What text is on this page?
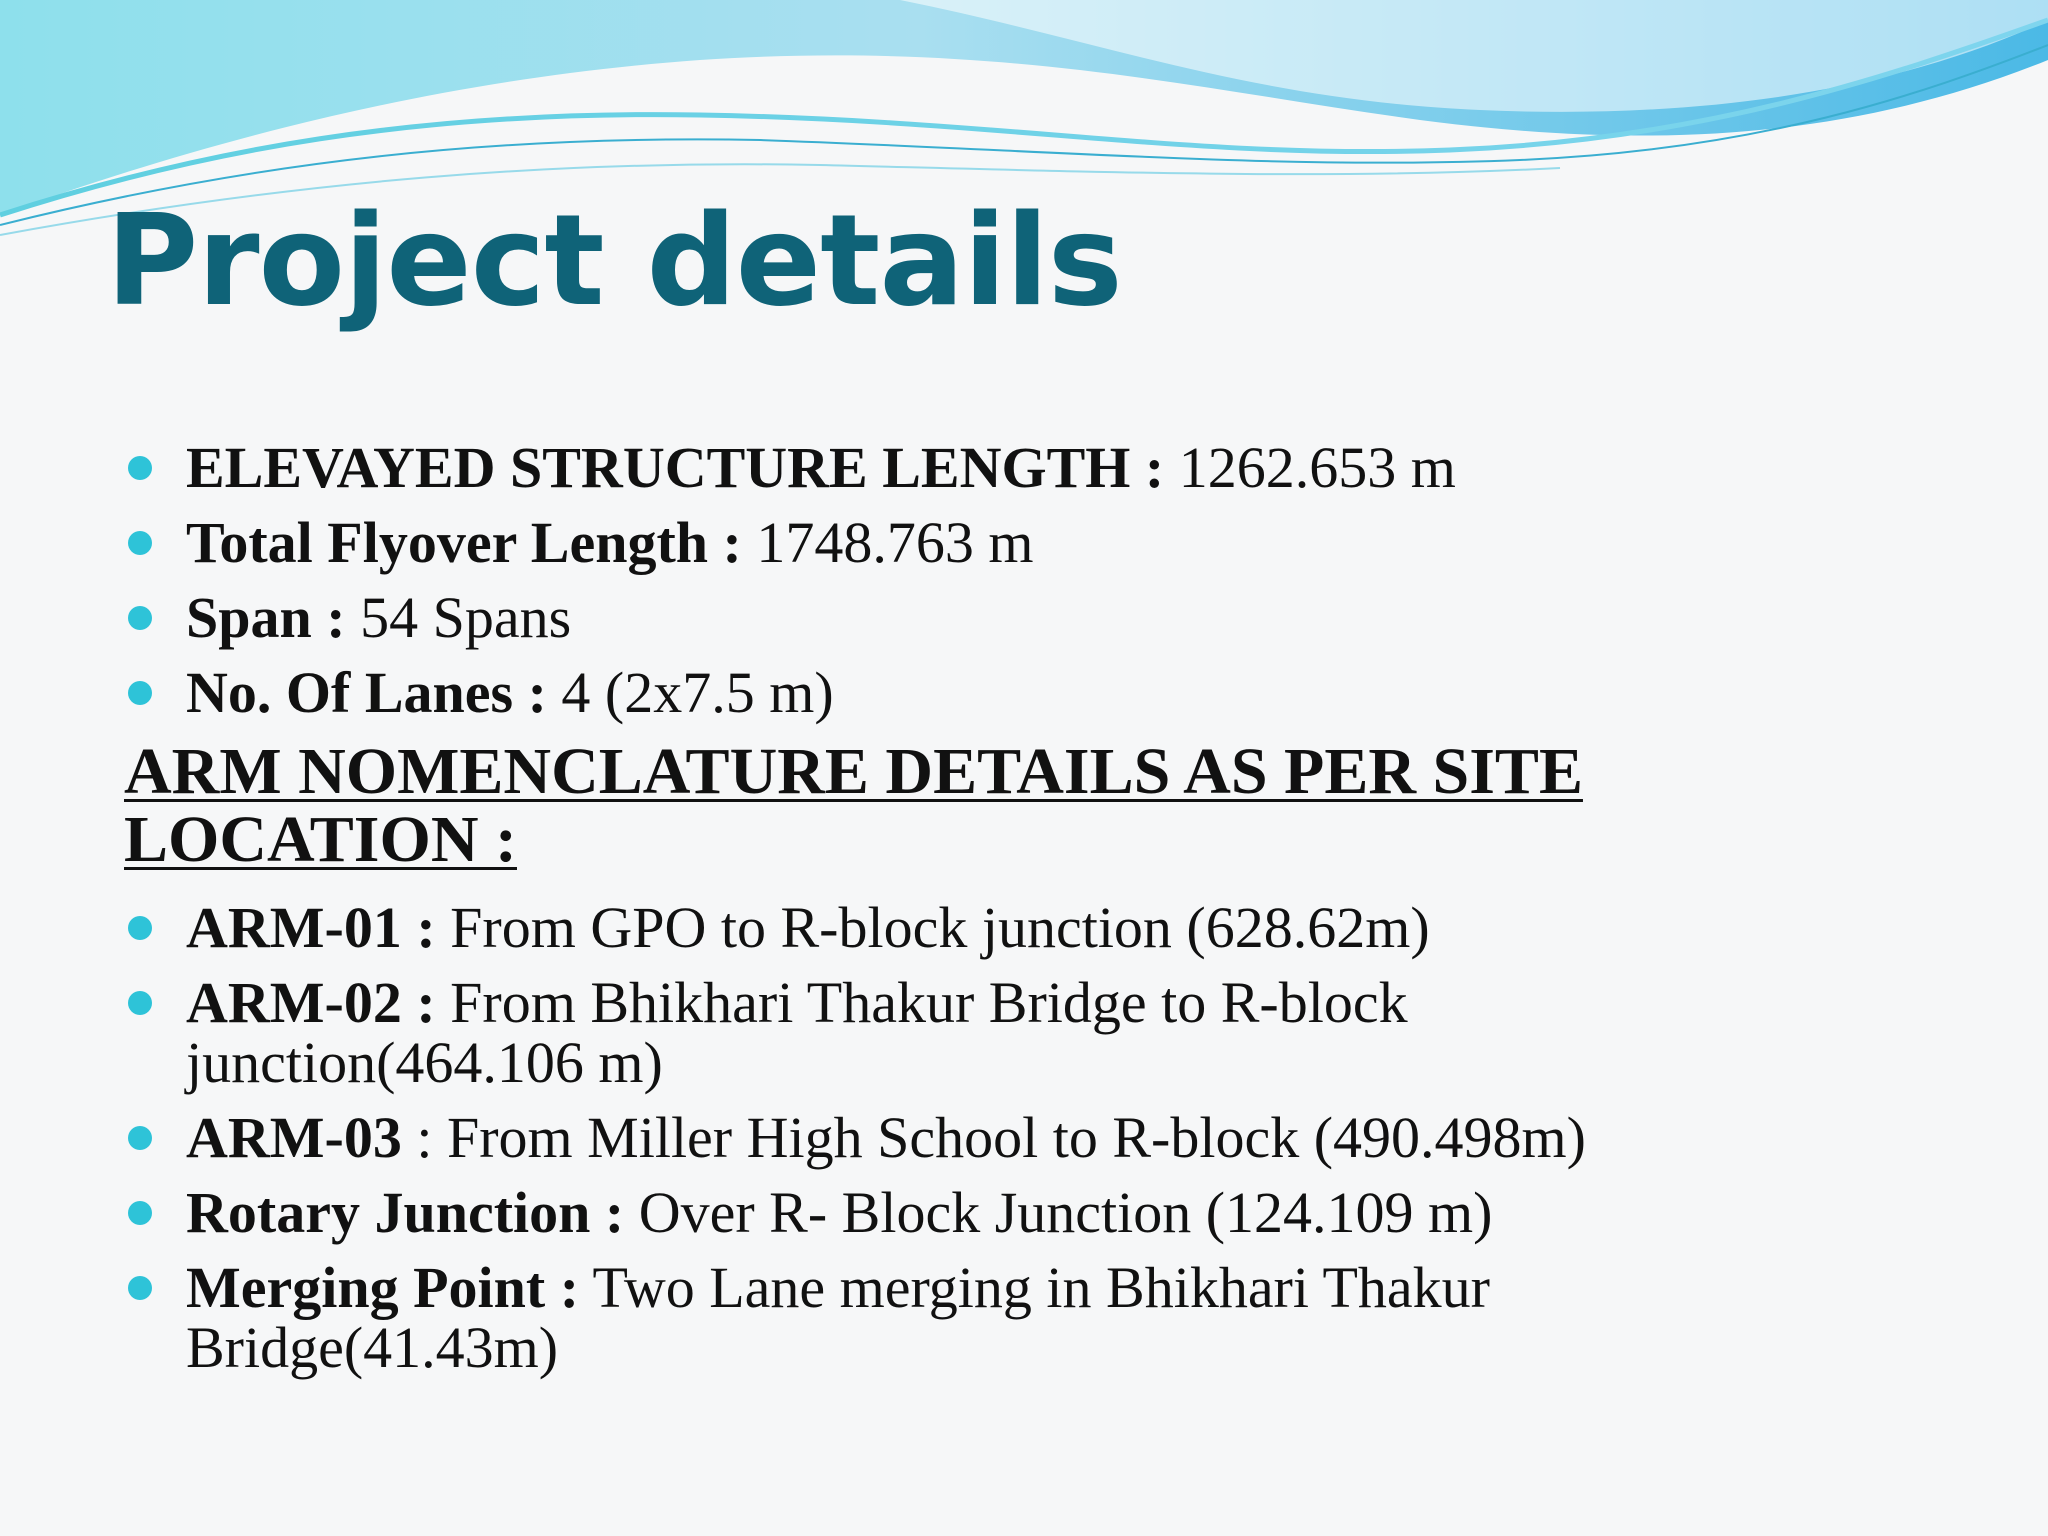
Project details

ELEVAYED STRUCTURE LENGTH : 1262.653 m

Total Flyover Length : 1748.763 m

Span : 54 Spans

No. Of Lanes : 4 (2x7.5 m)

ARM NOMENCLATURE DETAILS AS PER SITE
LOCATION :

ARM-01 : From GPO to R-block junction (628.62m)

ARM-02 : From Bhikhari Thakur Bridge to R-block junction(464.106 m)

ARM-03 : From Miller High School to R-block (490.498m)

Rotary Junction : Over R- Block Junction (124.109 m)

Merging Point : Two Lane merging in Bhikhari Thakur Bridge(41.43m)
